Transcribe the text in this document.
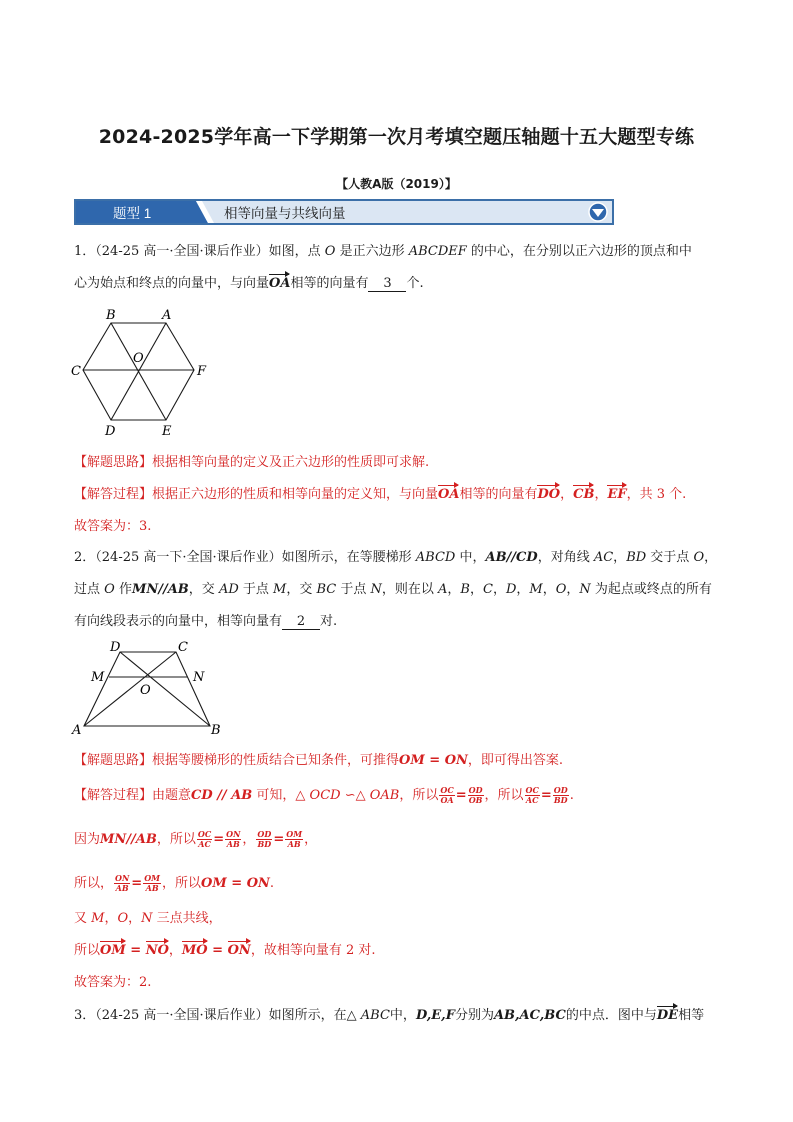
2024-2025学年高一下学期第一次月考填空题压轴题十五大题型专练
【人教A版（2019）】
题型 1	相等向量与共线向量
1．（24-25 高一·全国·课后作业）如图，点 O 是正六边形 ABCDEF 的中心，在分别以正六边形的顶点和中
心为始点和终点的向量中，与向量OA相等的向量有 3 个.
B	A
C
O
F
D	E
【解题思路】根据相等向量的定义及正六边形的性质即可求解.
【解答过程】根据正六边形的性质和相等向量的定义知，与向量OA相等的向量有DO，CB，EF，共 3 个.
故答案为：3.
2．（24-25 高一下·全国·课后作业）如图所示，在等腰梯形 ABCD 中，AB//CD，对角线 AC，BD 交于点 O，
过点 O 作MN//AB，交 AD 于点 M，交 BC 于点 N，则在以 A，B，C，D，M，O，N 为起点或终点的所有
有向线段表示的向量中，相等向量有 2 对.
D	C
M	N
O
A	B
【解题思路】根据等腰梯形的性质结合已知条件，可推得OM = ON，即可得出答案.
【解答过程】由题意CD // AB 可知，△ OCD ∽△ OAB，所以 $\frac{OC}{OA} = \frac{OD}{OB}$ ，所以 $\frac{OC}{AC} = \frac{OD}{BD}$ .
因为MN//AB，所以 $\frac{OC}{AC} = \frac{ON}{AB}$ ， $\frac{OD}{BD} = \frac{OM}{AB}$ ，
所以， $\frac{ON}{AB} = \frac{OM}{AB}$ ，所以OM = ON.
又 M，O，N 三点共线，
所以OM = NO，MO = ON，故相等向量有 2 对.
故答案为：2.
3．（24-25 高一·全国·课后作业）如图所示，在△ ABC中，D,E,F分别为AB,AC,BC的中点．图中与DE相等
